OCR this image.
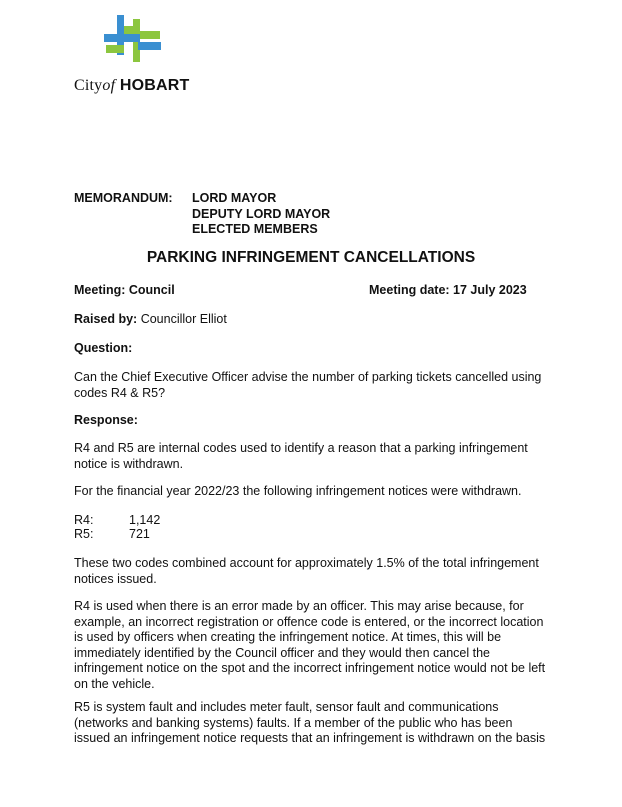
Cityof HOBART
MEMORANDUM: LORD MAYOR
DEPUTY LORD MAYOR
ELECTED MEMBERS
PARKING INFRINGEMENT CANCELLATIONS
Meeting: Council	Meeting date: 17 July 2023
Raised by: Councillor Elliot
Question:
Can the Chief Executive Officer advise the number of parking tickets cancelled using
codes R4 & R5?
Response:
R4 and R5 are internal codes used to identify a reason that a parking infringement
notice is withdrawn.
For the financial year 2022/23 the following infringement notices were withdrawn.
R4:	1,142
R5:	721
These two codes combined account for approximately 1.5% of the total infringement
notices issued.
R4 is used when there is an error made by an officer. This may arise because, for
example, an incorrect registration or offence code is entered, or the incorrect location
is used by officers when creating the infringement notice. At times, this will be
immediately identified by the Council officer and they would then cancel the
infringement notice on the spot and the incorrect infringement notice would not be left
on the vehicle.
R5 is system fault and includes meter fault, sensor fault and communications
(networks and banking systems) faults. If a member of the public who has been
issued an infringement notice requests that an infringement is withdrawn on the basis
